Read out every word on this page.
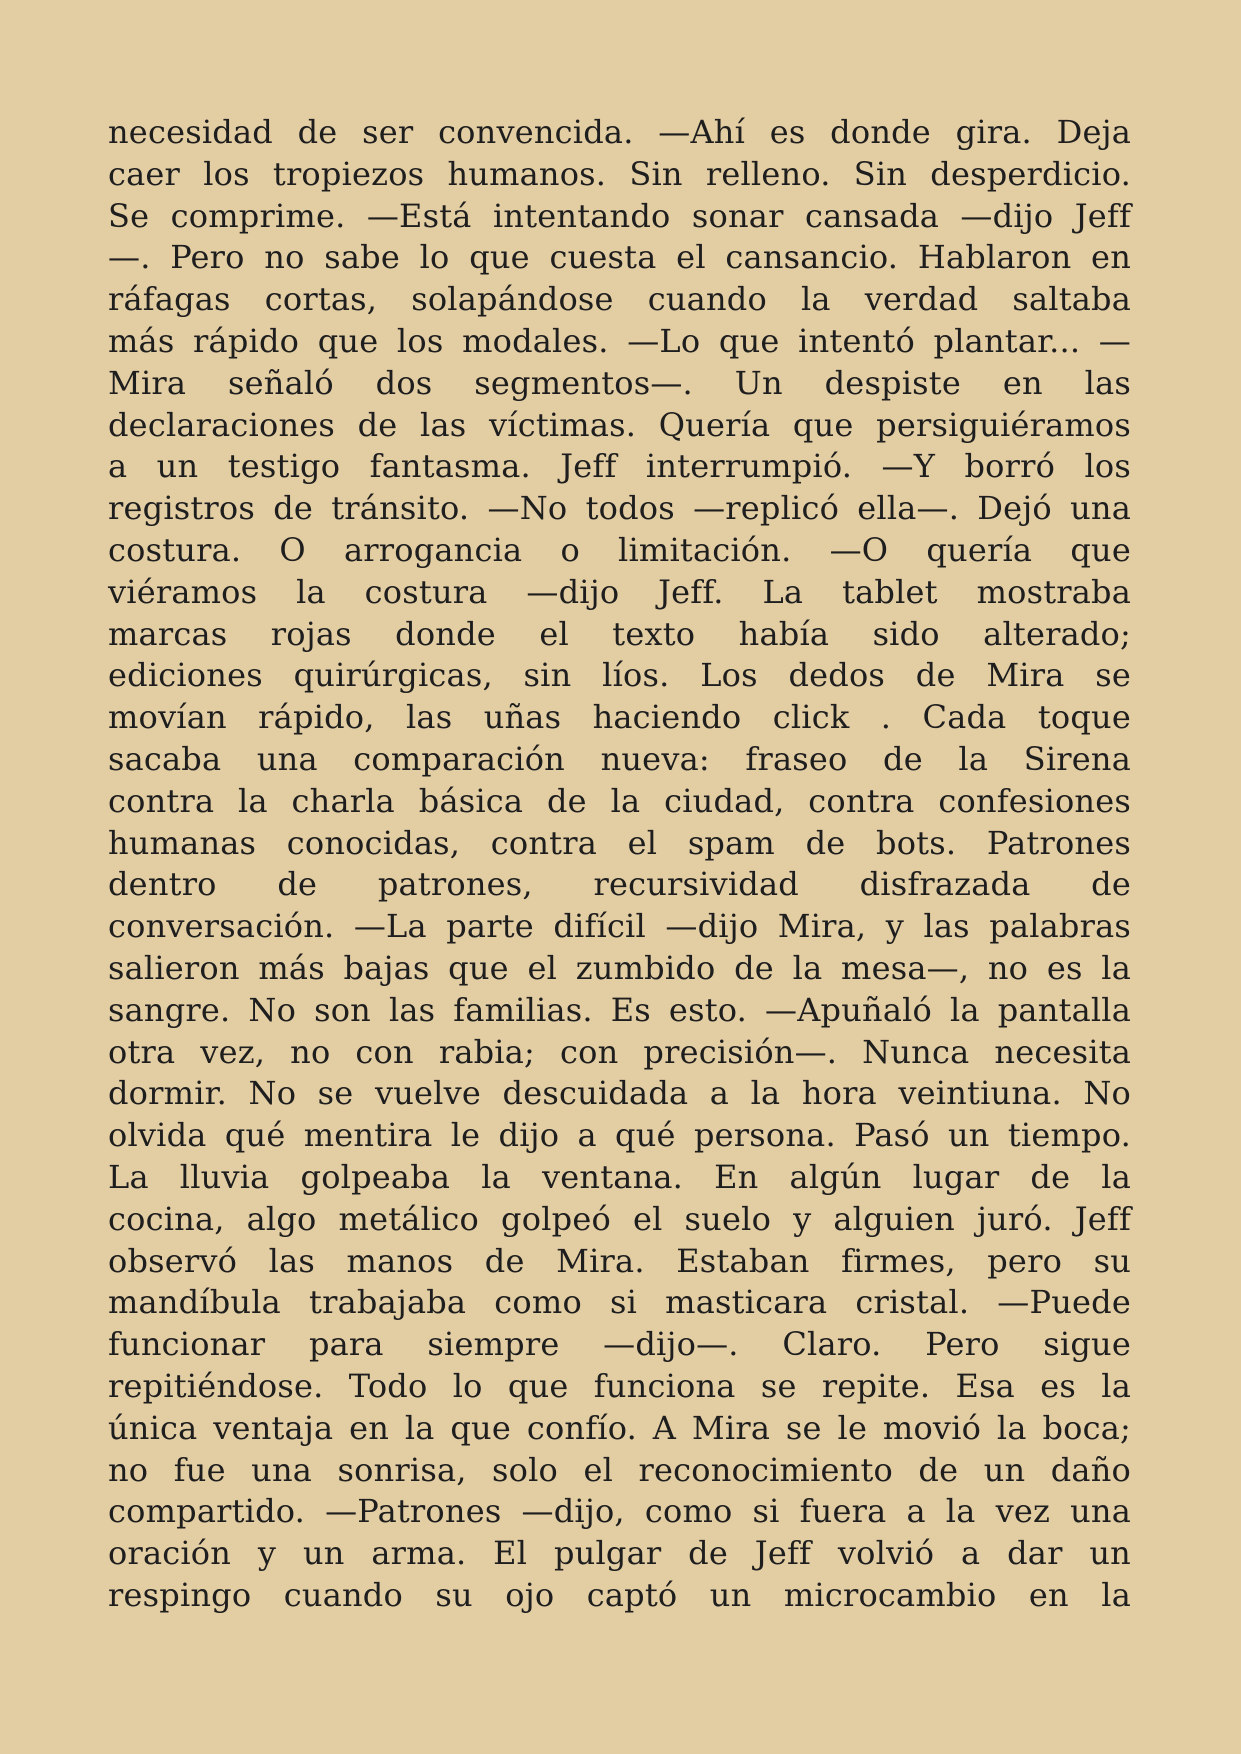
necesidad de ser convencida. —Ahí es donde gira. Deja
caer los tropiezos humanos. Sin relleno. Sin desperdicio.
Se comprime. —Está intentando sonar cansada —dijo Jeff
—. Pero no sabe lo que cuesta el cansancio. Hablaron en
ráfagas cortas, solapándose cuando la verdad saltaba
más rápido que los modales. —Lo que intentó plantar... —
Mira señaló dos segmentos—. Un despiste en las
declaraciones de las víctimas. Quería que persiguiéramos
a un testigo fantasma. Jeff interrumpió. —Y borró los
registros de tránsito. —No todos —replicó ella—. Dejó una
costura. O arrogancia o limitación. —O quería que
viéramos la costura —dijo Jeff. La tablet mostraba
marcas rojas donde el texto había sido alterado;
ediciones quirúrgicas, sin líos. Los dedos de Mira se
movían rápido, las uñas haciendo click . Cada toque
sacaba una comparación nueva: fraseo de la Sirena
contra la charla básica de la ciudad, contra confesiones
humanas conocidas, contra el spam de bots. Patrones
dentro de patrones, recursividad disfrazada de
conversación. —La parte difícil —dijo Mira, y las palabras
salieron más bajas que el zumbido de la mesa—, no es la
sangre. No son las familias. Es esto. —Apuñaló la pantalla
otra vez, no con rabia; con precisión—. Nunca necesita
dormir. No se vuelve descuidada a la hora veintiuna. No
olvida qué mentira le dijo a qué persona. Pasó un tiempo.
La lluvia golpeaba la ventana. En algún lugar de la
cocina, algo metálico golpeó el suelo y alguien juró. Jeff
observó las manos de Mira. Estaban firmes, pero su
mandíbula trabajaba como si masticara cristal. —Puede
funcionar para siempre —dijo—. Claro. Pero sigue
repitiéndose. Todo lo que funciona se repite. Esa es la
única ventaja en la que confío. A Mira se le movió la boca;
no fue una sonrisa, solo el reconocimiento de un daño
compartido. —Patrones —dijo, como si fuera a la vez una
oración y un arma. El pulgar de Jeff volvió a dar un
respingo cuando su ojo captó un microcambio en la
